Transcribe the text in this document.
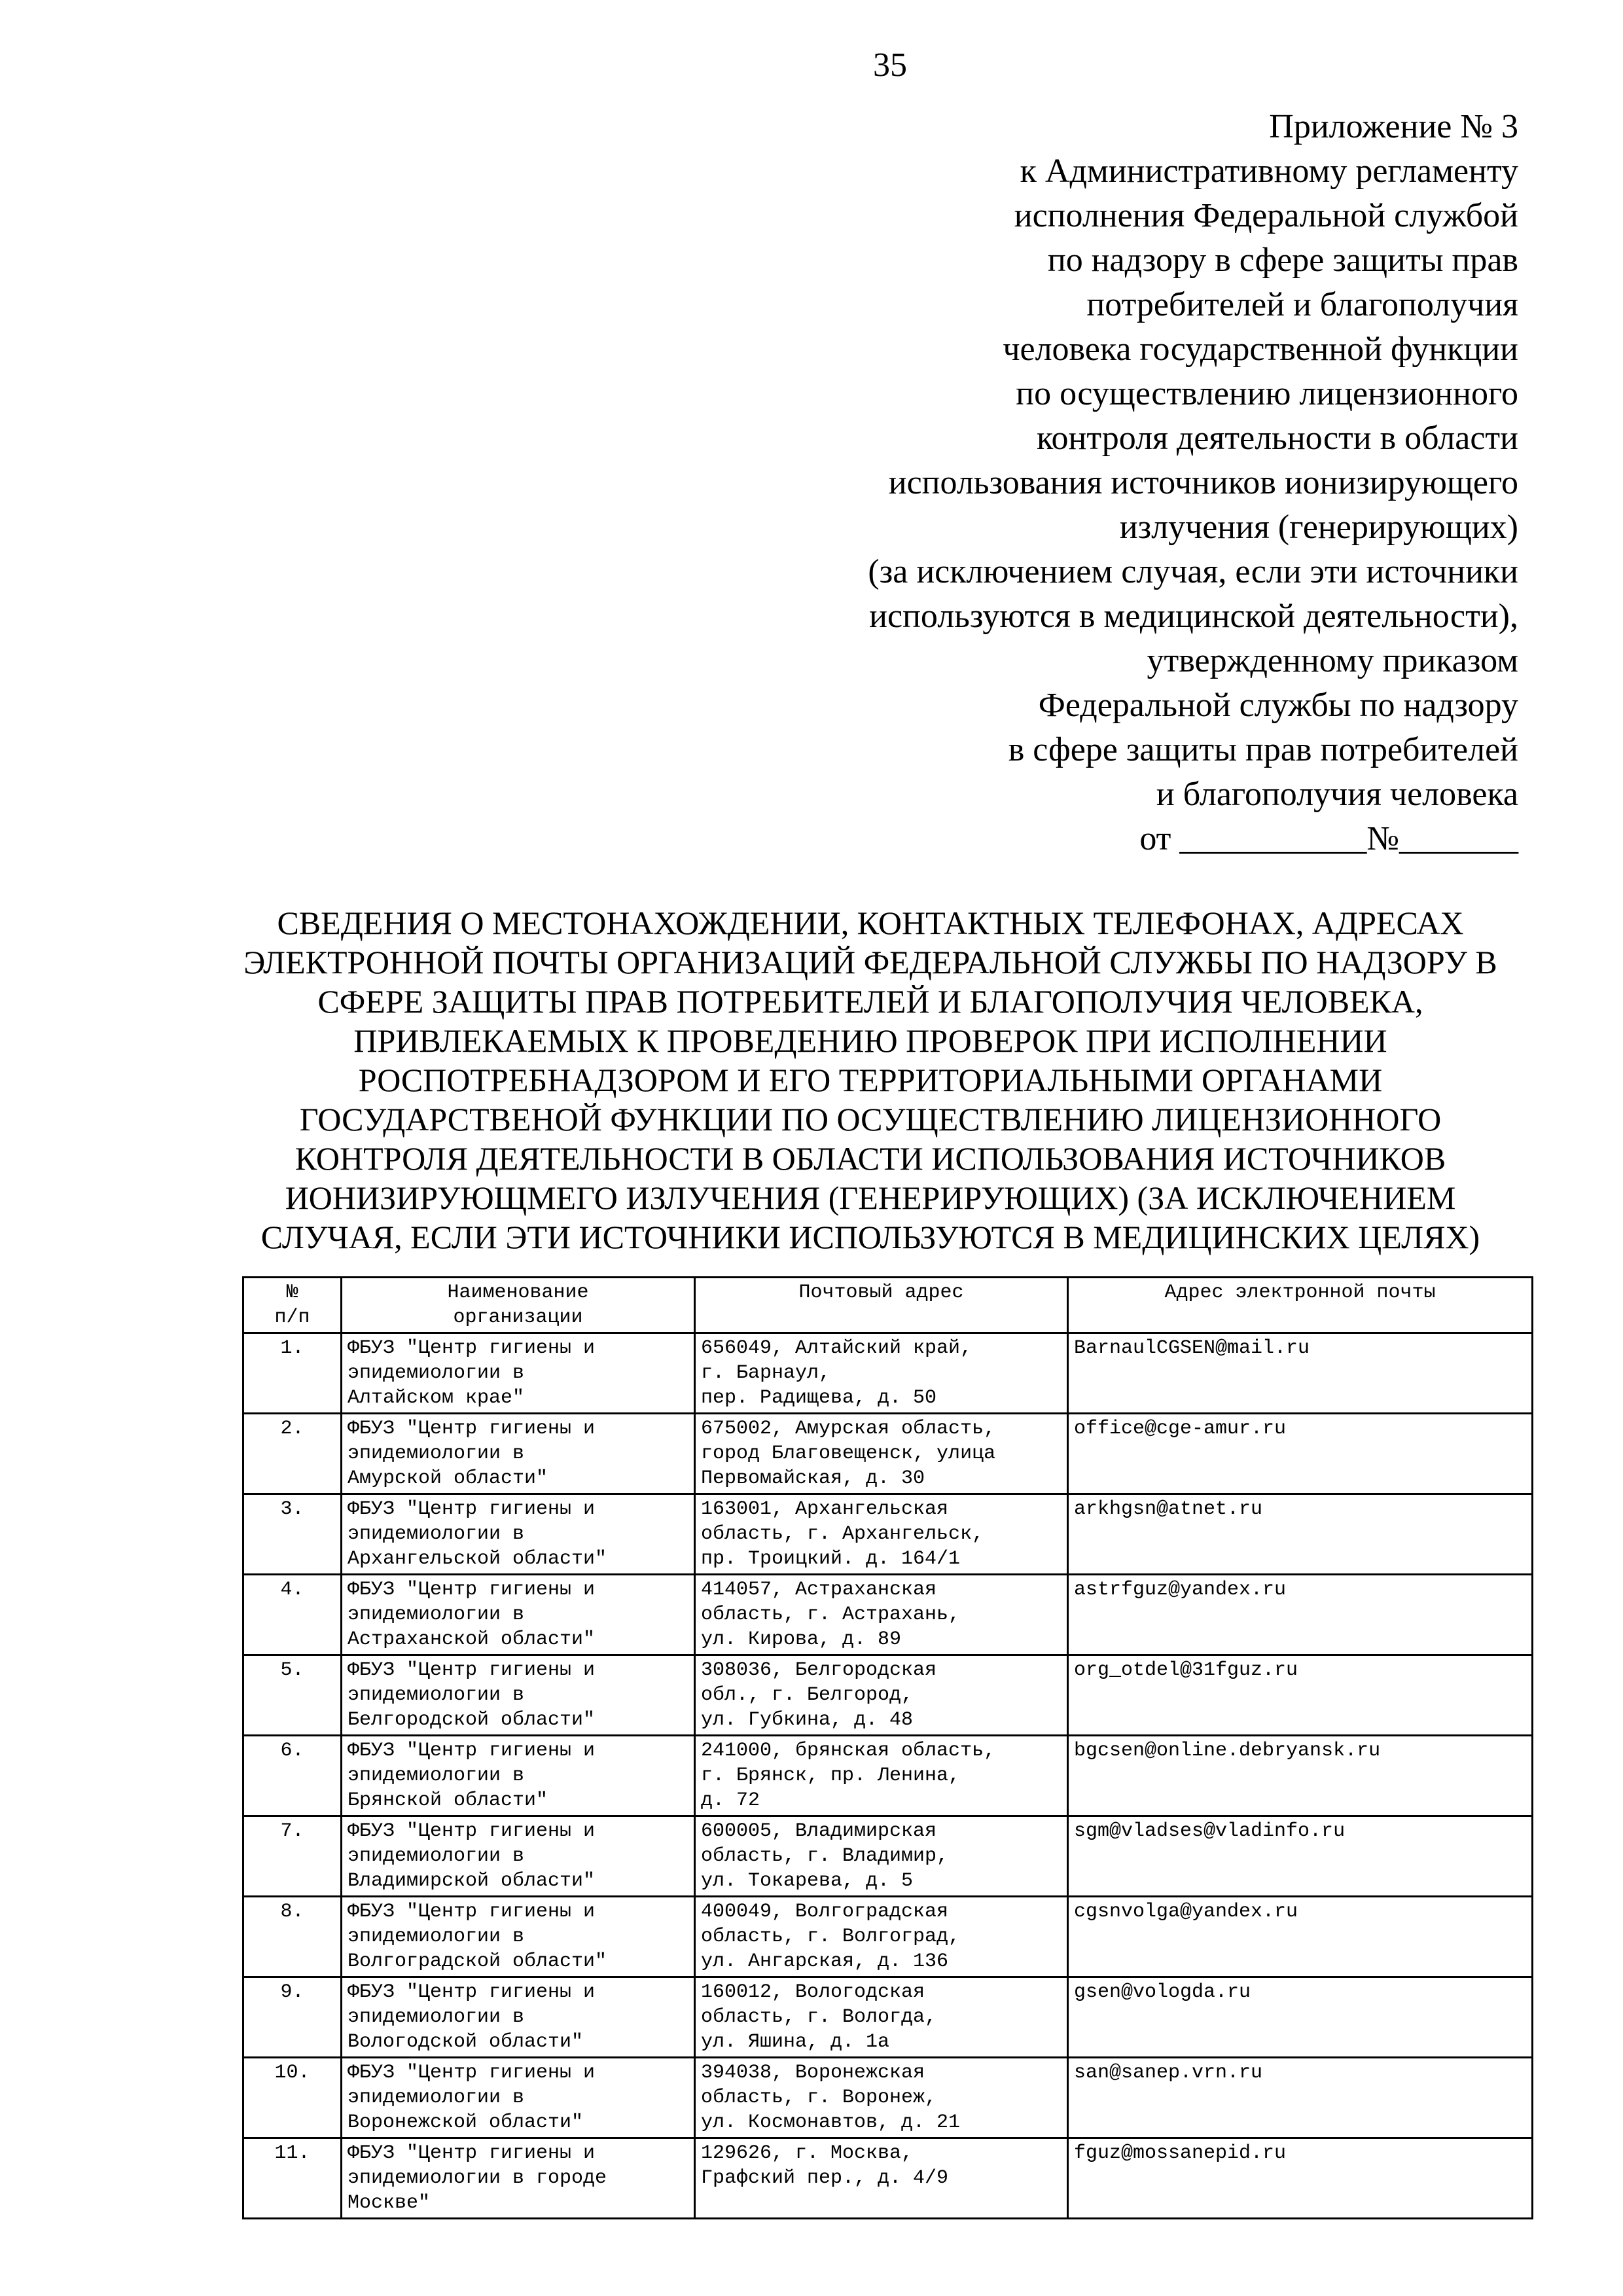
35
Приложение № 3
к Административному регламенту
исполнения Федеральной службой
по надзору в сфере защиты прав
потребителей и благополучия
человека государственной функции
по осуществлению лицензионного
контроля деятельности в области
использования источников ионизирующего
излучения (генерирующих)
(за исключением случая, если эти источники
используются в медицинской деятельности),
утвержденному приказом
Федеральной службы по надзору
в сфере защиты прав потребителей
и благополучия человека
от ___________№_______
СВЕДЕНИЯ О МЕСТОНАХОЖДЕНИИ, КОНТАКТНЫХ ТЕЛЕФОНАХ, АДРЕСАХ
ЭЛЕКТРОННОЙ ПОЧТЫ ОРГАНИЗАЦИЙ ФЕДЕРАЛЬНОЙ СЛУЖБЫ ПО НАДЗОРУ В
СФЕРЕ ЗАЩИТЫ ПРАВ ПОТРЕБИТЕЛЕЙ И БЛАГОПОЛУЧИЯ ЧЕЛОВЕКА,
ПРИВЛЕКАЕМЫХ К ПРОВЕДЕНИЮ ПРОВЕРОК ПРИ ИСПОЛНЕНИИ
РОСПОТРЕБНАДЗОРОМ И ЕГО ТЕРРИТОРИАЛЬНЫМИ ОРГАНАМИ
ГОСУДАРСТВЕНОЙ ФУНКЦИИ ПО ОСУЩЕСТВЛЕНИЮ ЛИЦЕНЗИОННОГО
КОНТРОЛЯ ДЕЯТЕЛЬНОСТИ В ОБЛАСТИ ИСПОЛЬЗОВАНИЯ ИСТОЧНИКОВ
ИОНИЗИРУЮЩМЕГО ИЗЛУЧЕНИЯ (ГЕНЕРИРУЮЩИХ) (ЗА ИСКЛЮЧЕНИЕМ
СЛУЧАЯ, ЕСЛИ ЭТИ ИСТОЧНИКИ ИСПОЛЬЗУЮТСЯ В МЕДИЦИНСКИХ ЦЕЛЯХ)
№
п/п	Наименование
организации	Почтовый адрес	Адрес электронной почты
1.	ФБУЗ "Центр гигиены и
эпидемиологии в
Алтайском крае"	656049, Алтайский край,
г. Барнаул,
пер. Радищева, д. 50	BarnaulCGSEN@mail.ru
2.	ФБУЗ "Центр гигиены и
эпидемиологии в
Амурской области"	675002, Амурская область,
город Благовещенск, улица
Первомайская, д. 30	office@cge-amur.ru
3.	ФБУЗ "Центр гигиены и
эпидемиологии в
Архангельской области"	163001, Архангельская
область, г. Архангельск,
пр. Троицкий. д. 164/1	arkhgsn@atnet.ru
4.	ФБУЗ "Центр гигиены и
эпидемиологии в
Астраханской области"	414057, Астраханская
область, г. Астрахань,
ул. Кирова, д. 89	astrfguz@yandex.ru
5.	ФБУЗ "Центр гигиены и
эпидемиологии в
Белгородской области"	308036, Белгородская
обл., г. Белгород,
ул. Губкина, д. 48	org_otdel@31fguz.ru
6.	ФБУЗ "Центр гигиены и
эпидемиологии в
Брянской области"	241000, брянская область,
г. Брянск, пр. Ленина,
д. 72	bgcsen@online.debryansk.ru
7.	ФБУЗ "Центр гигиены и
эпидемиологии в
Владимирской области"	600005, Владимирская
область, г. Владимир,
ул. Токарева, д. 5	sgm@vladses@vladinfo.ru
8.	ФБУЗ "Центр гигиены и
эпидемиологии в
Волгоградской области"	400049, Волгоградская
область, г. Волгоград,
ул. Ангарская, д. 136	cgsnvolga@yandex.ru
9.	ФБУЗ "Центр гигиены и
эпидемиологии в
Вологодской области"	160012, Вологодская
область, г. Вологда,
ул. Яшина, д. 1а	gsen@vologda.ru
10.	ФБУЗ "Центр гигиены и
эпидемиологии в
Воронежской области"	394038, Воронежская
область, г. Воронеж,
ул. Космонавтов, д. 21	san@sanep.vrn.ru
11.	ФБУЗ "Центр гигиены и
эпидемиологии в городе
Москве"	129626, г. Москва,
Графский пер., д. 4/9	fguz@mossanepid.ru
